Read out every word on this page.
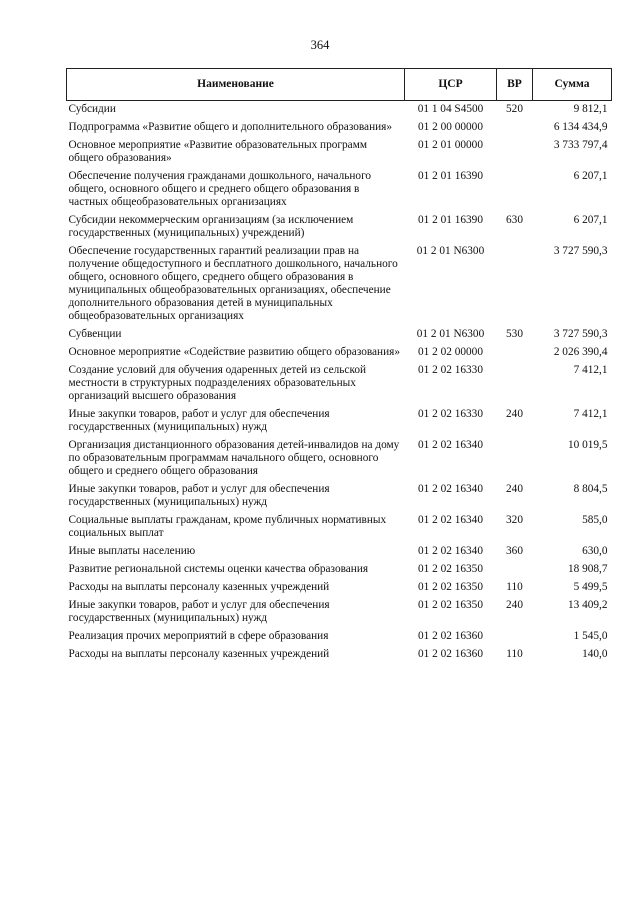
364
Наименование	ЦСР	ВР	Сумма
Субсидии	01 1 04 S4500	520	9 812,1
Подпрограмма «Развитие общего и дополнительного образования»	01 2 00 00000		6 134 434,9
Основное мероприятие «Развитие образовательных программ общего образования»	01 2 01 00000		3 733 797,4
Обеспечение получения гражданами дошкольного, начального общего, основного общего и среднего общего образования в частных общеобразовательных организациях	01 2 01 16390		6 207,1
Субсидии некоммерческим организациям (за исключением государственных (муниципальных) учреждений)	01 2 01 16390	630	6 207,1
Обеспечение государственных гарантий реализации прав на получение общедоступного и бесплатного дошкольного, начального общего, основного общего, среднего общего образования в муниципальных общеобразовательных организациях, обеспечение дополнительного образования детей в муниципальных общеобразовательных организациях	01 2 01 N6300		3 727 590,3
Субвенции	01 2 01 N6300	530	3 727 590,3
Основное мероприятие «Содействие развитию общего образования»	01 2 02 00000		2 026 390,4
Создание условий для обучения одаренных детей из сельской местности в структурных подразделениях образовательных организаций высшего образования	01 2 02 16330		7 412,1
Иные закупки товаров, работ и услуг для обеспечения государственных (муниципальных) нужд	01 2 02 16330	240	7 412,1
Организация дистанционного образования детей-инвалидов на дому по образовательным программам начального общего, основного общего и среднего общего образования	01 2 02 16340		10 019,5
Иные закупки товаров, работ и услуг для обеспечения государственных (муниципальных) нужд	01 2 02 16340	240	8 804,5
Социальные выплаты гражданам, кроме публичных нормативных социальных выплат	01 2 02 16340	320	585,0
Иные выплаты населению	01 2 02 16340	360	630,0
Развитие региональной системы оценки качества образования	01 2 02 16350		18 908,7
Расходы на выплаты персоналу казенных учреждений	01 2 02 16350	110	5 499,5
Иные закупки товаров, работ и услуг для обеспечения государственных (муниципальных) нужд	01 2 02 16350	240	13 409,2
Реализация прочих мероприятий в сфере образования	01 2 02 16360		1 545,0
Расходы на выплаты персоналу казенных учреждений	01 2 02 16360	110	140,0
